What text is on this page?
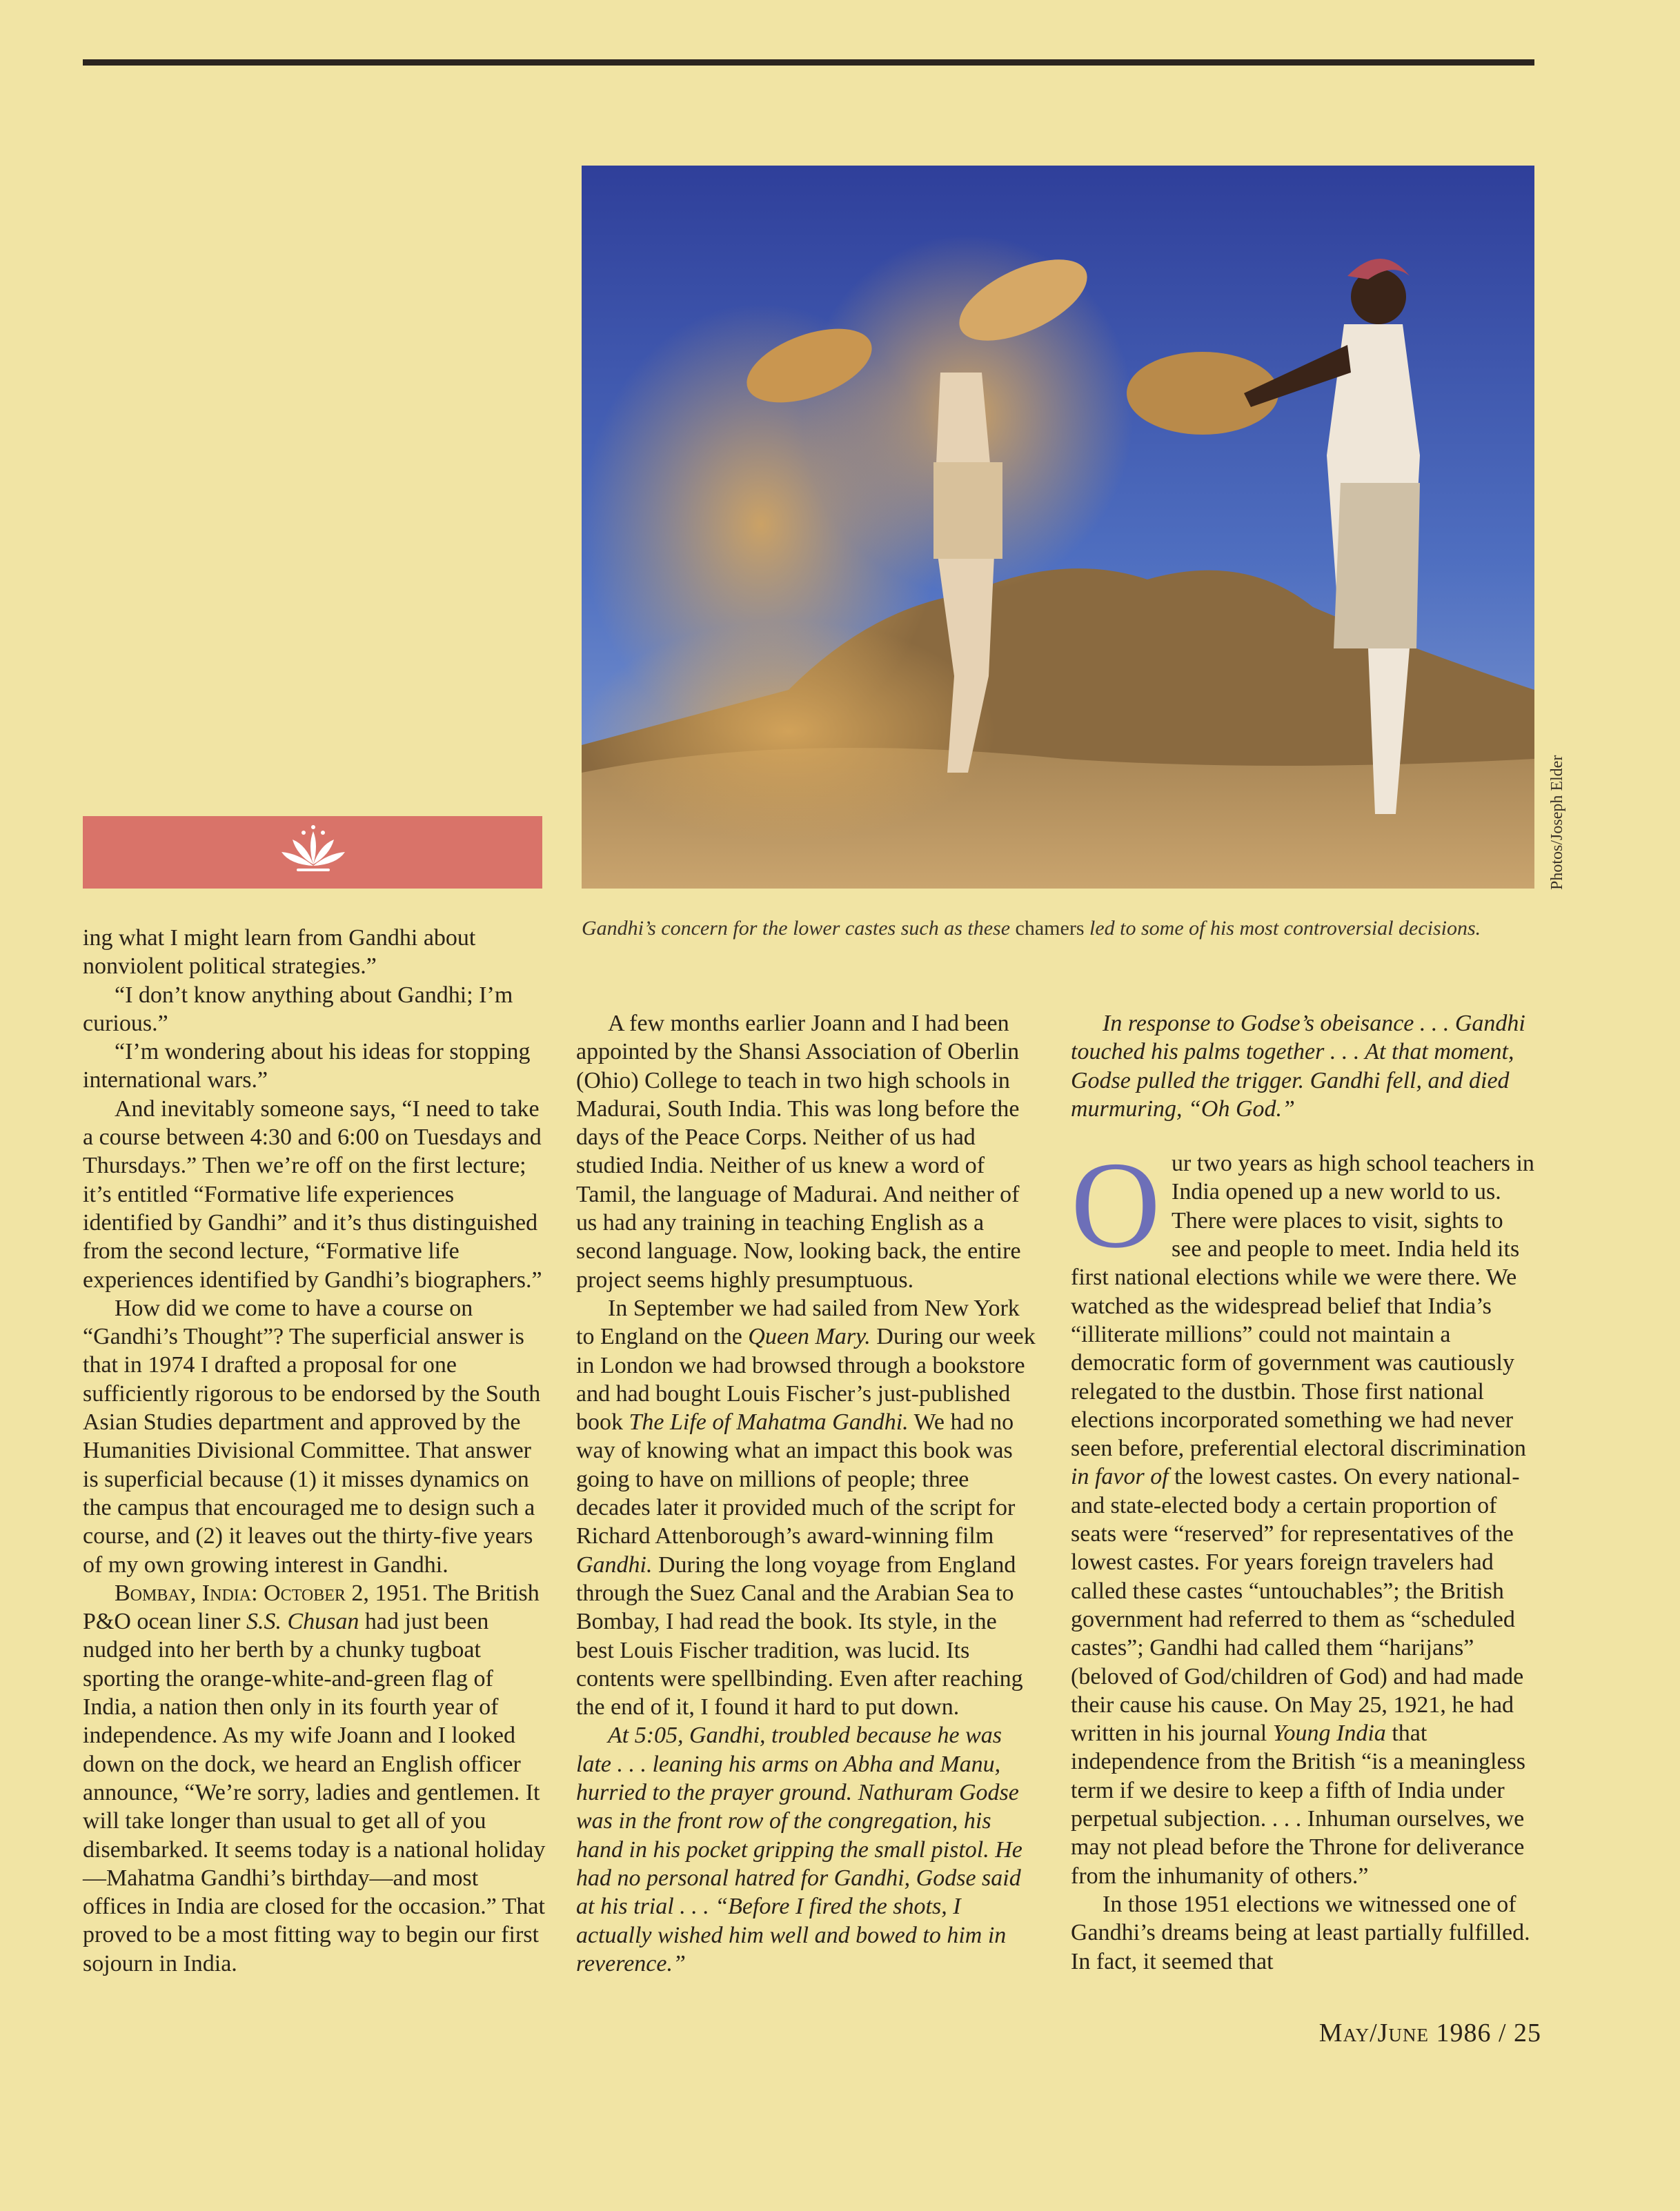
Photos/Joseph Elder
Gandhi’s concern for the lower castes such as these chamers led to some of his most controversial decisions.

ing what I might learn from Gandhi about nonviolent political strategies.”

“I don’t know anything about Gandhi; I’m curious.”

“I’m wondering about his ideas for stopping international wars.”

And inevitably someone says, “I need to take a course between 4:30 and 6:00 on Tuesdays and Thursdays.” Then we’re off on the first lecture; it’s entitled “Formative life experiences identified by Gandhi” and it’s thus distinguished from the second lecture, “Formative life experiences identified by Gandhi’s biographers.”

How did we come to have a course on “Gandhi’s Thought”? The superficial answer is that in 1974 I drafted a proposal for one sufficiently rigorous to be endorsed by the South Asian Studies department and approved by the Humanities Divisional Committee. That answer is superficial because (1) it misses dynamics on the campus that encouraged me to design such a course, and (2) it leaves out the thirty-five years of my own growing interest in Gandhi.

Bombay, India: October 2, 1951. The British P&O ocean liner S.S. Chusan had just been nudged into her berth by a chunky tugboat sporting the orange-white-and-green flag of India, a nation then only in its fourth year of independence. As my wife Joann and I looked down on the dock, we heard an English officer announce, “We’re sorry, ladies and gentlemen. It will take longer than usual to get all of you disembarked. It seems today is a national holiday—Mahatma Gandhi’s birthday—and most offices in India are closed for the occasion.” That proved to be a most fitting way to begin our first sojourn in India.

A few months earlier Joann and I had been appointed by the Shansi Association of Oberlin (Ohio) College to teach in two high schools in Madurai, South India. This was long before the days of the Peace Corps. Neither of us had studied India. Neither of us knew a word of Tamil, the language of Madurai. And neither of us had any training in teaching English as a second language. Now, looking back, the entire project seems highly presumptuous.

In September we had sailed from New York to England on the Queen Mary. During our week in London we had browsed through a bookstore and had bought Louis Fischer’s just-published book The Life of Mahatma Gandhi. We had no way of knowing what an impact this book was going to have on millions of people; three decades later it provided much of the script for Richard Attenborough’s award-winning film Gandhi. During the long voyage from England through the Suez Canal and the Arabian Sea to Bombay, I had read the book. Its style, in the best Louis Fischer tradition, was lucid. Its contents were spellbinding. Even after reaching the end of it, I found it hard to put down.

At 5:05, Gandhi, troubled because he was late . . . leaning his arms on Abha and Manu, hurried to the prayer ground. Nathuram Godse was in the front row of the congregation, his hand in his pocket gripping the small pistol. He had no personal hatred for Gandhi, Godse said at his trial . . . “Before I fired the shots, I actually wished him well and bowed to him in reverence.”

In response to Godse’s obeisance . . . Gandhi touched his palms together . . . At that moment, Godse pulled the trigger. Gandhi fell, and died murmuring, “Oh God.”

Our two years as high school teachers in India opened up a new world to us. There were places to visit, sights to see and people to meet. India held its first national elections while we were there. We watched as the widespread belief that India’s “illiterate millions” could not maintain a democratic form of government was cautiously relegated to the dustbin. Those first national elections incorporated something we had never seen before, preferential electoral discrimination in favor of the lowest castes. On every national- and state-elected body a certain proportion of seats were “reserved” for representatives of the lowest castes. For years foreign travelers had called these castes “untouchables”; the British government had referred to them as “scheduled castes”; Gandhi had called them “harijans” (beloved of God/children of God) and had made their cause his cause. On May 25, 1921, he had written in his journal Young India that independence from the British “is a meaningless term if we desire to keep a fifth of India under perpetual subjection. . . . Inhuman ourselves, we may not plead before the Throne for deliverance from the inhumanity of others.”

In those 1951 elections we witnessed one of Gandhi’s dreams being at least partially fulfilled. In fact, it seemed that

May/June 1986 / 25
